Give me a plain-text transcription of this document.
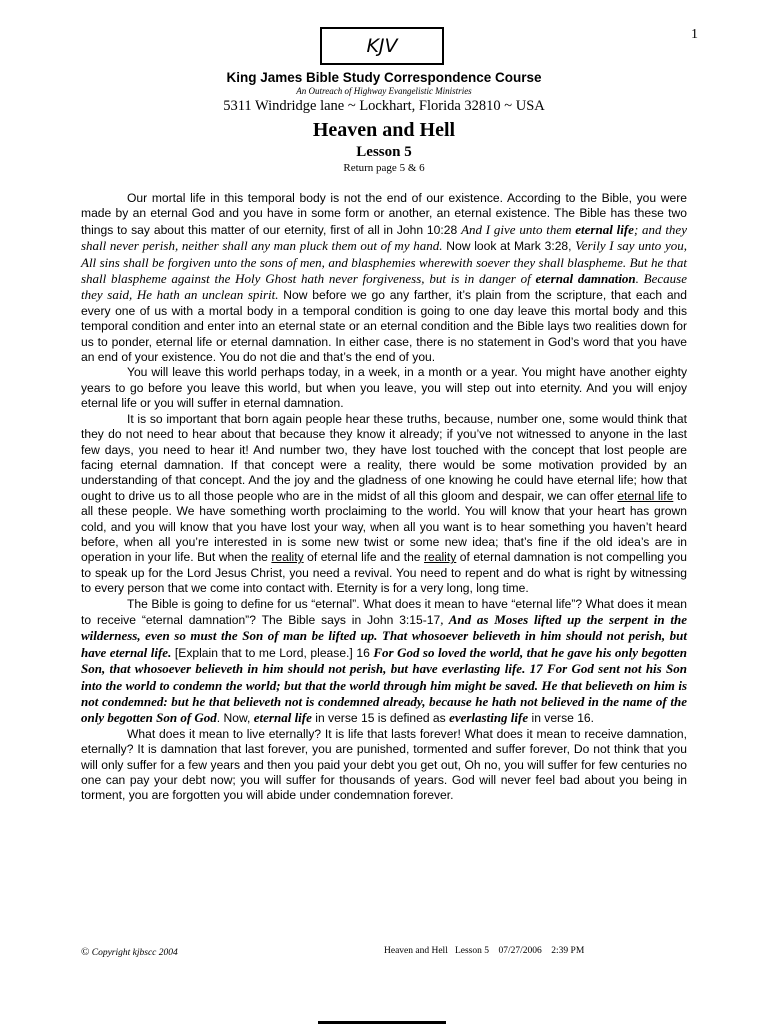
1
KJV
King James Bible Study Correspondence Course
An Outreach of Highway Evangelistic Ministries
5311 Windridge lane ~ Lockhart, Florida 32810 ~ USA
Heaven and Hell
Lesson 5
Return page 5 & 6

Our mortal life in this temporal body is not the end of our existence. According to the Bible, you were made by an eternal God and you have in some form or another, an eternal existence. The Bible has these two things to say about this matter of our eternity, first of all in John 10:28 And I give unto them eternal life; and they shall never perish, neither shall any man pluck them out of my hand. Now look at Mark 3:28, Verily I say unto you, All sins shall be forgiven unto the sons of men, and blasphemies wherewith soever they shall blaspheme. But he that shall blaspheme against the Holy Ghost hath never forgiveness, but is in danger of eternal damnation. Because they said, He hath an unclean spirit. Now before we go any farther, it’s plain from the scripture, that each and every one of us with a mortal body in a temporal condition is going to one day leave this mortal body and this temporal condition and enter into an eternal state or an eternal condition and the Bible lays two realities down for us to ponder, eternal life or eternal damnation. In either case, there is no statement in God’s word that you have an end of your existence. You do not die and that’s the end of you.

You will leave this world perhaps today, in a week, in a month or a year. You might have another eighty years to go before you leave this world, but when you leave, you will step out into eternity. And you will enjoy eternal life or you will suffer in eternal damnation.

It is so important that born again people hear these truths, because, number one, some would think that they do not need to hear about that because they know it already; if you’ve not witnessed to anyone in the last few days, you need to hear it! And number two, they have lost touched with the concept that lost people are facing eternal damnation. If that concept were a reality, there would be some motivation provided by an understanding of that concept. And the joy and the gladness of one knowing he could have eternal life; how that ought to drive us to all those people who are in the midst of all this gloom and despair, we can offer eternal life to all these people. We have something worth proclaiming to the world. You will know that your heart has grown cold, and you will know that you have lost your way, when all you want is to hear something you haven’t heard before, when all you’re interested in is some new twist or some new idea; that’s fine if the old idea’s are in operation in your life. But when the reality of eternal life and the reality of eternal damnation is not compelling you to speak up for the Lord Jesus Christ, you need a revival. You need to repent and do what is right by witnessing to every person that we come into contact with. Eternity is for a very long, long time.

The Bible is going to define for us “eternal”. What does it mean to have “eternal life”? What does it mean to receive “eternal damnation”? The Bible says in John 3:15-17, And as Moses lifted up the serpent in the wilderness, even so must the Son of man be lifted up. That whosoever believeth in him should not perish, but have eternal life. [Explain that to me Lord, please.] 16 For God so loved the world, that he gave his only begotten Son, that whosoever believeth in him should not perish, but have everlasting life. 17 For God sent not his Son into the world to condemn the world; but that the world through him might be saved. He that believeth on him is not condemned: but he that believeth not is condemned already, because he hath not believed in the name of the only begotten Son of God. Now, eternal life in verse 15 is defined as everlasting life in verse 16.

What does it mean to live eternally? It is life that lasts forever! What does it mean to receive damnation, eternally? It is damnation that last forever, you are punished, tormented and suffer forever, Do not think that you will only suffer for a few years and then you paid your debt you get out, Oh no, you will suffer for few centuries no one can pay your debt now; you will suffer for thousands of years. God will never feel bad about you being in torment, you are forgotten you will abide under condemnation forever.

© Copyright kjbscc 2004	Heaven and Hell   Lesson 5    07/27/2006    2:39 PM
